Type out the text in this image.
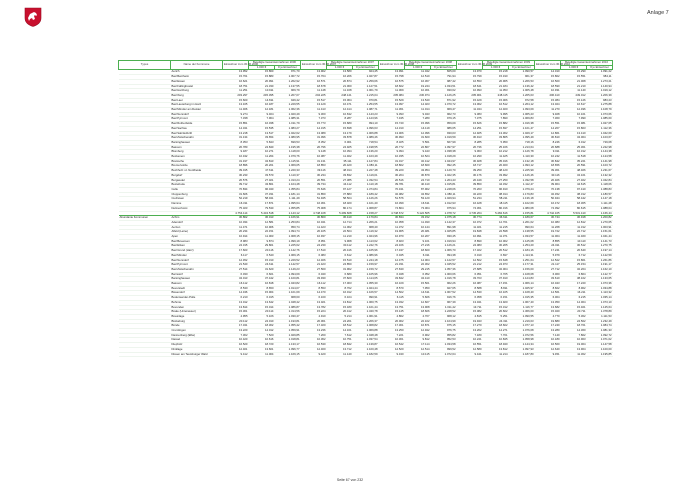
Anlage 7
Typus	Name der Kommune	Einwohner zum 30.06.2006	Beteiligte Gesamteinnahmen 2006		Einwohner zum 30.06.2007	Beteiligte Gesamteinnahmen 2007		Einwohner zum 30.06.2008	Beteiligte Gesamteinnahmen 2008		Einwohner zum 30.06.2009	Beteiligte Gesamteinnahmen 2009		Einwohner zum 30.06.2010	Beteiligte Gesamteinnahmen 2010	
			1.000 €	€ je Einwohner		1.000 €	€ je Einwohner		1.000 €	€ je Einwohner		1.000 €	€ je Einwohner		1.000 €	€ je Einwohner
	Aurich	13.952	15.860	971,70	13.902	13.580	924,45	13.991	11.042	825,00	13.970	15.218	1.090,57	14.010	15.290	1.091,22
	Bad Bentheim	15.761	15.883	1.007,72	15.764	16.206	1.027,87	15.798	12.510	791,94	15.799	15.190	961,37	15.802	15.551	984,11
	Bad Essen	16.621	20.991	1.262,92	16.571	20.874	1.259,66	16.575	16.367	987,42	16.553	20.965	1.266,53	16.500	21.008	1.273,21
	Bad Fallingbostel	18.751	21.330	1.137,55	18.678	21.060	1.127,51	18.602	19.244	1.034,51	18.641	21.184	1.136,42	18.590	21.210	1.140,94
	Bad Harzburg	11.251	10.911	969,79	11.148	11.168	1.001,79	11.069	10.301	930,62	10.993	11.053	1.005,48	10.931	11.140	1.019,12
	Bad Iburg	203.297	245.395	1.207,07	204.225	248.141	1.215,04	205.084	230.974	1.126,25	205.901	248.115	1.205,03	206.410	249.012	1.206,39
	Bad Laer	15.600	14.811	949,42	15.517	15.064	970,81	15.529	13.540	871,92	15.429	15.006	972,58	15.384	15.126	983,23
	Bad Lauterberg im Harz	13.165	16.187	1.229,55	13.129	16.471	1.254,55	13.097	14.023	1.070,72	13.062	16.512	1.264,12	13.024	16.617	1.275,88
	Bad Münder am Deister	11.466	12.181	1.062,36	11.413	12.414	1.087,71	11.361	11.014	969,47	11.344	12.400	1.093,09	11.270	12.496	1.108,79
	Bad Nenndorf	9.274	9.464	1.020,49	9.300	10.632	1.143,23	9.393	9.043	962,73	9.383	9.995	1.065,23	9.408	10.101	1.073,66
	Bad Pyrmont	7.338	7.964	1.085,31	7.373	8.287	1.123,96	7.435	7.280	979,15	7.375	7.890	1.069,83	7.360	7.990	1.085,60
	Bad Rothenfelde	15.851	16.038	1.011,79	15.773	15.680	994,10	15.740	15.096	959,09	15.626	15.882	1.016,38	15.551	15.981	1.027,65
	Bad Sachsa	14.341	15.535	1.083,27	14.315	15.698	1.096,63	14.310	14.119	986,65	14.251	15.697	1.101,47	14.207	15.803	1.112,36
	Bad Salzdetfurth	13.218	13.517	1.022,62	13.089	13.179	1.006,88	13.006	12.096	930,03	12.925	13.302	1.029,17	12.861	13.410	1.042,69
	Bad Zwischenahn	31.134	33.654	1.080,95	31.096	33.878	1.089,46	30.993	31.600	1.019,59	30.913	33.865	1.095,49	30.810	34.004	1.103,67
	Barsinghausen	8.353	5.843	699,53	8.352	6.001	718,54	8.325	5.561	667,99	8.285	5.950	718,16	8.246	6.012	729,08
	Bassum	20.780	24.840	1.195,38	20.796	24.925	1.198,55	20.772	22.807	1.097,97	20.736	25.166	1.213,64	20.688	25.301	1.222,98
	Blomberg	9.187	10.271	1.118,00	9.148	10.394	1.136,20	9.094	9.443	1.038,38	9.063	10.212	1.126,78	9.011	10.312	1.144,38
	Bockenem	10.432	11.264	1.079,76	10.387	11.462	1.103,49	10.335	10.524	1.018,29	10.290	11.425	1.110,30	10.242	11.518	1.124,58
	Bramsche	31.197	34.813	1.115,91	31.131	35.111	1.127,84	31.017	32.412	1.044,97	30.928	35.016	1.132,18	30.842	35.221	1.141,98
	Bremervörde	18.896	20.201	1.069,05	18.853	20.420	1.083,11	18.802	18.660	992,45	18.717	20.460	1.093,12	18.656	20.591	1.103,72
	Buchholz i.d. Nordheide	39.015	47.611	1.220,33	39.116	48.014	1.227,48	39.220	43.954	1.120,70	39.250	48.120	1.225,99	39.301	48.406	1.231,67
	Burgdorf	30.233	33.570	1.110,37	30.234	33.832	1.119,01	30.204	30.879	1.022,35	30.176	33.992	1.126,46	30.116	34.101	1.132,32
	Burgwedel	20.576	27.021	1.313,24	20.551	27.385	1.332,54	20.516	24.710	1.204,43	20.449	27.250	1.332,58	20.406	27.402	1.342,84
	Buxtehude	39.712	43.861	1.104,48	39.734	44.112	1.110,18	39.781	40.410	1.015,81	39.850	44.332	1.112,47	39.904	44.615	1.118,06
	Celle	70.834	96.040	1.355,84	70.646	97.127	1.374,84	70.431	87.902	1.248,06	70.263	96.910	1.379,24	70.138	97.410	1.388,83
	Cloppenburg	31.606	37.331	1.181,14	31.850	37.883	1.189,42	32.082	34.652	1.080,11	32.220	38.014	1.179,83	32.452	38.312	1.180,57
	Cuxhaven	52.219	58.041	1.111,49	51.945	58.504	1.126,26	51.576	53.120	1.029,94	51.234	58.211	1.136,18	50.944	58.442	1.147,18
	Damme	16.311	17.871	1.095,64	16.361	18.020	1.101,40	16.399	16.611	1.012,93	16.428	18.115	1.102,69	16.472	18.305	1.111,28
	Delmenhorst	75.323	79.530	1.055,85	75.008	80.174	1.068,87	74.804	73.004	975,94	74.361	80.316	1.080,08	74.092	80.615	1.088,04
		4.754.114	5.434.518	1.143,12	4.748.108	5.499.608	1.158,27	4.748.672	5.122.505	1.078,72	4.745.264	5.484.616	1.155,81	4.742.105	5.531.410	1.166,44
Abundante Kommunen	Achim	30.862	36.013	1.166,91	30.860	36.410	1.179,84	30.834	33.152	1.075,18	30.774	36.611	1.189,67	30.744	36.918	1.200,82
	Adendorf	10.034	12.581	1.253,84	10.041	12.714	1.266,21	10.058	11.490	1.142,37	10.072	12.701	1.261,02	10.083	12.812	1.270,65
	Aerzen	11.471	10.906	950,74	11.423	11.062	968,40	11.372	10.144	891,98	11.321	11.215	990,64	11.268	11.312	1.003,91
	Alfeld (Leine)	20.234	22.151	1.094,74	20.105	22.504	1.119,32	19.965	20.481	1.025,85	19.848	22.598	1.138,55	19.722	22.712	1.151,61
	Apen	10.914	11.003	1.008,15	10.937	11.210	1.024,96	10.970	10.207	930,45	10.991	11.371	1.034,57	11.004	11.460	1.041,44
	Bad Bevensen	8.983	9.874	1.099,19	8.951	9.968	1.113,62	8.923	9.101	1.019,94	8.890	10.002	1.125,08	8.855	10.110	1.141,73
	Bad Eilsen	24.315	29.801	1.225,62	24.230	30.112	1.242,76	24.166	27.216	1.126,21	24.083	30.205	1.254,20	24.011	30.512	1.270,75
	Bad Grund (Harz)	17.603	20.116	1.142,76	17.510	20.416	1.165,96	17.437	18.600	1.066,70	17.322	20.512	1.184,16	17.241	20.640	1.197,14
	Bad Münder	6.117	6.540	1.069,15	6.083	6.612	1.086,96	6.045	6.011	994,38	6.010	6.697	1.114,31	5.979	6.712	1.122,59
	Bad Nenndorf	12.452	15.310	1.229,52	12.466	15.510	1.244,18	12.475	14.004	1.122,57	12.502	15.648	1.251,64	12.522	15.801	1.261,86
	Bad Pyrmont	21.540	24.611	1.142,57	21.423	24.850	1.159,97	21.331	22.302	1.045,52	21.212	24.973	1.177,31	21.117	25.154	1.191,17
	Bad Zwischenahn	27.514	31.620	1.149,23	27.560	31.962	1.159,72	27.630	29.215	1.057,36	27.685	32.004	1.156,00	27.712	32.204	1.162,10
	Barnstorf	6.030	6.601	1.094,69	6.040	6.680	1.105,96	6.048	6.052	1.000,66	6.051	6.705	1.108,08	6.060	6.804	1.122,77
	Barsinghausen	34.013	37.442	1.100,81	33.930	37.820	1.114,65	33.842	34.410	1.016,78	33.703	37.910	1.124,83	33.610	38.102	1.133,65
	Bassum	16.112	16.818	1.043,82	16.112	17.003	1.055,30	16.109	15.501	962,26	16.087	17.151	1.066,14	16.043	17.220	1.073,36
	Beverstedt	8.530	8.650	1.014,07	8.553	8.762	1.024,44	8.570	7.950	927,65	8.588	8.811	1.025,97	8.602	8.902	1.034,88
	Bissendorf	14.436	15.904	1.101,69	14.470	16.012	1.106,57	14.502	14.611	1.007,52	14.530	16.105	1.108,40	14.561	16.211	1.113,32
	Bodenwerder-Polle	6.210	6.015	968,60	6.160	6.104	990,91	6.115	5.606	916,76	6.058	6.151	1.015,35	6.004	6.215	1.035,14
	Bohmte	13.012	13.642	1.048,42	13.021	13.812	1.060,75	13.032	12.607	967,39	13.041	13.920	1.067,40	13.050	14.004	1.073,10
	Bovenden	13.814	15.014	1.086,87	13.782	15.180	1.101,44	13.751	13.908	1.011,42	13.711	15.312	1.116,77	13.682	15.401	1.125,64
	Brake (Unterweser)	15.301	20.114	1.314,56	15.224	20.412	1.340,78	15.145	18.606	1.228,52	15.082	20.602	1.366,00	15.020	20.711	1.378,89
	Braunlage	4.955	5.106	1.030,47	4.910	5.214	1.061,91	4.862	4.707	968,12	4.815	5.251	1.090,55	4.770	5.302	1.111,53
	Bückeburg	20.112	24.010	1.193,81	20.061	24.201	1.206,37	20.002	22.102	1.104,99	19.943	24.311	1.219,03	19.880	24.502	1.232,49
	Bünde	17.341	18.302	1.055,42	17.320	18.512	1.068,82	17.301	16.871	975,15	17.270	18.602	1.077,13	17.240	18.701	1.084,74
	Cremlingen	13.220	14.012	1.059,91	13.236	14.161	1.069,88	13.250	12.942	976,75	13.262	14.271	1.076,08	13.280	14.360	1.081,33
	Dannenberg (Elbe)	7.302	7.520	1.029,85	7.260	7.612	1.048,48	7.221	6.902	955,82	7.180	7.701	1.072,56	7.140	7.802	1.092,72
	Dassel	10.420	10.616	1.018,81	10.362	10.751	1.037,54	10.301	9.812	952,53	10.241	10.845	1.058,98	10.180	10.903	1.071,02
	Diepholz	16.520	18.720	1.133,17	16.530	18.842	1.139,87	16.542	17.114	1.034,58	16.551	18.940	1.144,34	16.560	19.004	1.147,58
	Dinklage	12.401	13.601	1.096,77	12.460	13.712	1.100,48	12.520	12.514	999,52	12.580	13.812	1.097,93	12.640	13.904	1.100,00
	Dissen am Teutoburger Wald	9.412	11.004	1.169,15	9.420	11.140	1.182,59	9.430	10.115	1.072,64	9.441	11.214	1.187,80	9.451	11.302	1.195,85
Seite 67 von 232
